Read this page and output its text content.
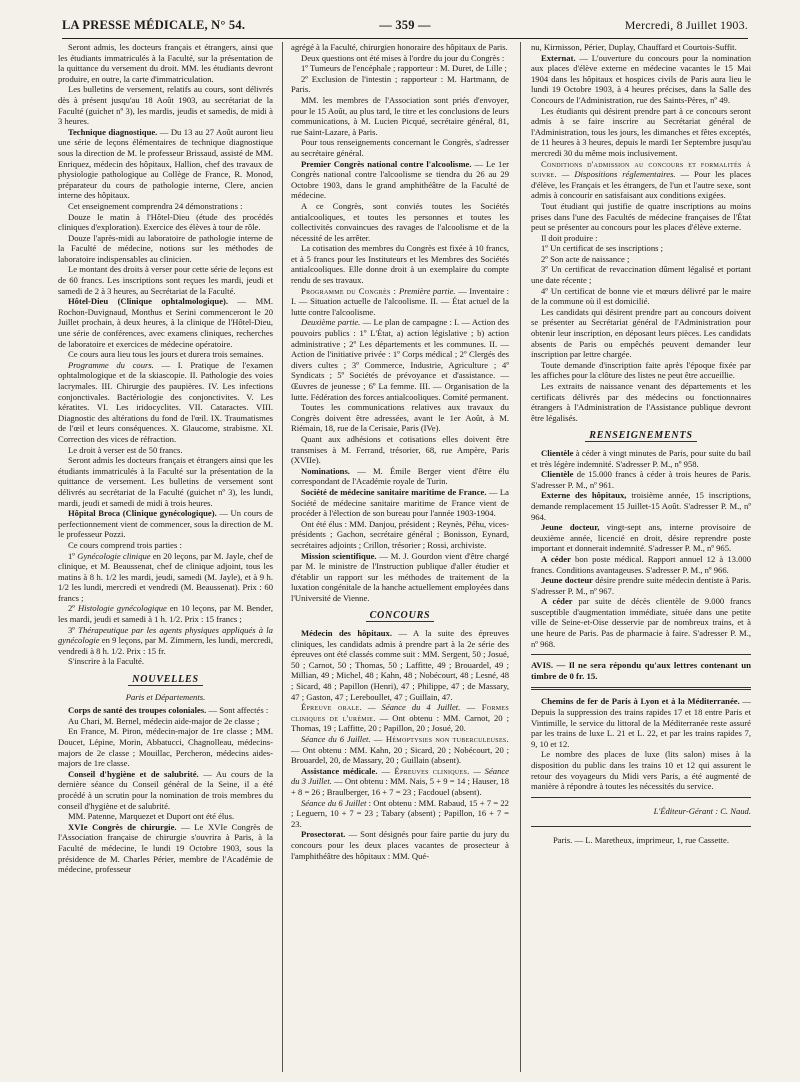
LA PRESSE MÉDICALE, N° 54.	— 359 —	Mercredi, 8 Juillet 1903.

Seront admis, les docteurs français et étrangers, ainsi que les étudiants immatriculés à la Faculté, sur la présentation de la quittance du versement du droit. MM. les étudiants devront produire, en outre, la carte d'immatriculation.

Les bulletins de versement, relatifs au cours, sont délivrés dès à présent jusqu'au 18 Août 1903, au secrétariat de la Faculté (guichet nº 3), les mardis, jeudis et samedis, de midi à 3 heures.

Technique diagnostique. — Du 13 au 27 Août auront lieu une série de leçons élémentaires de technique diagnostique sous la direction de M. le professeur Brissaud, assisté de MM. Enriquez, médecin des hôpitaux, Hallion, chef des travaux de physiologie pathologique au Collège de France, R. Monod, préparateur du cours de pathologie interne, Clere, ancien interne des hôpitaux.

Cet enseignement comprendra 24 démonstrations :

Douze le matin à l'Hôtel-Dieu (étude des procédés cliniques d'exploration). Exercice des élèves à tour de rôle.

Douze l'après-midi au laboratoire de pathologie interne de la Faculté de médecine, notions sur les méthodes de laboratoire indispensables au clinicien.

Le montant des droits à verser pour cette série de leçons est de 60 francs. Les inscriptions sont reçues les mardi, jeudi et samedi de 2 à 3 heures, au Secrétariat de la Faculté.

Hôtel-Dieu (Clinique ophtalmologique). — MM. Rochon-Duvignaud, Monthus et Serini commenceront le 20 Juillet prochain, à deux heures, à la clinique de l'Hôtel-Dieu, une série de conférences, avec examens cliniques, recherches de laboratoire et exercices de médecine opératoire.

Ce cours aura lieu tous les jours et durera trois semaines.

Programme du cours. — I. Pratique de l'examen ophtalmologique et de la skiascopie. II. Pathologie des voies lacrymales. III. Chirurgie des paupières. IV. Les infections conjonctivales. Bactériologie des conjonctivites. V. Les kératites. VI. Les iridocyclites. VII. Cataractes. VIII. Diagnostic des altérations du fond de l'œil. IX. Traumatismes de l'œil et leurs conséquences. X. Glaucome, strabisme. XI. Correction des vices de réfraction.

Le droit à verser est de 50 francs.

Seront admis les docteurs français et étrangers ainsi que les étudiants immatriculés à la Faculté sur la présentation de la quittance de versement. Les bulletins de versement sont délivrés au secrétariat de la Faculté (guichet nº 3), les lundi, mardi, jeudi et samedi de midi à trois heures.

Hôpital Broca (Clinique gynécologique). — Un cours de perfectionnement vient de commencer, sous la direction de M. le professeur Pozzi.

Ce cours comprend trois parties :

1º Gynécologie clinique en 20 leçons, par M. Jayle, chef de clinique, et M. Beaussenat, chef de clinique adjoint, tous les matins à 8 h. 1/2 les mardi, jeudi, samedi (M. Jayle), et à 9 h. 1/2 les lundi, mercredi et vendredi (M. Beaussenat). Prix : 60 francs ;

2º Histologie gynécologique en 10 leçons, par M. Bender, les mardi, jeudi et samedi à 1 h. 1/2. Prix : 15 francs ;

3º Thérapeutique par les agents physiques appliqués à la gynécologie en 9 leçons, par M. Zimmern, les lundi, mercredi, vendredi à 8 h. 1/2. Prix : 15 fr.

S'inscrire à la Faculté.

NOUVELLES

Paris et Départements.

Corps de santé des troupes coloniales. — Sont affectés :

Au Chari, M. Bernel, médecin aide-major de 2e classe ;

En France, M. Piron, médecin-major de 1re classe ; MM. Doucet, Lépine, Morin, Abbatucci, Chagnolleau, médecins-majors de 2e classe ; Mouillac, Percheron, médecins aides-majors de 1re classe.

Conseil d'hygiène et de salubrité. — Au cours de la dernière séance du Conseil général de la Seine, il a été procédé à un scrutin pour la nomination de trois membres du conseil d'hygiène et de salubrité.

MM. Patenne, Marquezet et Duport ont été élus.

XVIe Congrès de chirurgie. — Le XVIe Congrès de l'Association française de chirurgie s'ouvrira à Paris, à la Faculté de médecine, le lundi 19 Octobre 1903, sous la présidence de M. Charles Périer, membre de l'Académie de médecine, professeur

agrégé à la Faculté, chirurgien honoraire des hôpitaux de Paris.

Deux questions ont été mises à l'ordre du jour du Congrès :

1º Tumeurs de l'encéphale ; rapporteur : M. Duret, de Lille ;

2º Exclusion de l'intestin ; rapporteur : M. Hartmann, de Paris.

MM. les membres de l'Association sont priés d'envoyer, pour le 15 Août, au plus tard, le titre et les conclusions de leurs communications, à M. Lucien Picqué, secrétaire général, 81, rue Saint-Lazare, à Paris.

Pour tous renseignements concernant le Congrès, s'adresser au secrétaire général.

Premier Congrès national contre l'alcoolisme. — Le 1er Congrès national contre l'alcoolisme se tiendra du 26 au 29 Octobre 1903, dans le grand amphithéâtre de la Faculté de médecine.

A ce Congrès, sont conviés toutes les Sociétés antialcooliques, et toutes les personnes et toutes les collectivités convaincues des ravages de l'alcoolisme et de la nécessité de les arrêter.

La cotisation des membres du Congrès est fixée à 10 francs, et à 5 francs pour les Instituteurs et les Membres des Sociétés antialcooliques. Elle donne droit à un exemplaire du compte rendu de ses travaux.

Programme du Congrès : Première partie. — Inventaire : I. — Situation actuelle de l'alcoolisme. II. — État actuel de la lutte contre l'alcoolisme.

Deuxième partie. — Le plan de campagne : I. — Action des pouvoirs publics : 1º L'État, a) action législative ; b) action administrative ; 2º Les départements et les communes. II. — Action de l'initiative privée : 1º Corps médical ; 2º Clergés des divers cultes ; 3º Commerce, Industrie, Agriculture ; 4º Syndicats ; 5º Sociétés de prévoyance et d'assistance. — Œuvres de jeunesse ; 6º La femme. III. — Organisation de la lutte. Fédération des forces antialcooliques. Comité permanent.

Toutes les communications relatives aux travaux du Congrès doivent être adressées, avant le 1er Août, à M. Riémain, 18, rue de la Cerisaie, Paris (IVe).

Quant aux adhésions et cotisations elles doivent être transmises à M. Ferrand, trésorier, 68, rue Ampère, Paris (XVIIe).

Nominations. — M. Émile Berger vient d'être élu correspondant de l'Académie royale de Turin.

Société de médecine sanitaire maritime de France. — La Société de médecine sanitaire maritime de France vient de procéder à l'élection de son bureau pour l'année 1903-1904.

Ont été élus : MM. Danjou, président ; Reynès, Péhu, vices-présidents ; Gachon, secrétaire général ; Bonisson, Eynard, secrétaires adjoints ; Crillon, trésorier ; Rossi, archiviste.

Mission scientifique. — M. J. Gourdon vient d'être chargé par M. le ministre de l'Instruction publique d'aller étudier et d'établir un rapport sur les méthodes de traitement de la luxation congénitale de la hanche actuellement employées dans l'Université de Vienne.

CONCOURS

Médecin des hôpitaux. — A la suite des épreuves cliniques, les candidats admis à prendre part à la 2e série des épreuves ont été classés comme suit : MM. Sergent, 50 ; Josué, 50 ; Carnot, 50 ; Thomas, 50 ; Laffitte, 49 ; Brouardel, 49 ; Millian, 49 ; Michel, 48 ; Kahn, 48 ; Nobécourt, 48 ; Lesné, 48 ; Sicard, 48 ; Papillon (Henri), 47 ; Philippe, 47 ; de Massary, 47 ; Gaston, 47 ; Lereboullet, 47 ; Guillain, 47.

Épreuve orale. — Séance du 4 Juillet. — Formes cliniques de l'urémie. — Ont obtenu : MM. Carnot, 20 ; Thomas, 19 ; Laffitte, 20 ; Papillon, 20 ; Josué, 20.

Séance du 6 Juillet. — Hémoptysies non tuberculeuses. — Ont obtenu : MM. Kahn, 20 ; Sicard, 20 ; Nobécourt, 20 ; Brouardel, 20, de Massary, 20 ; Guillain (absent).

Assistance médicale. — Épreuves cliniques. — Séance du 3 Juillet. — Ont obtenu : MM. Nais, 5 + 9 = 14 ; Hauser, 18 + 8 = 26 ; Braulberger, 16 + 7 = 23 ; Facdouel (absent).

Séance du 6 Juillet : Ont obtenu : MM. Rabaud, 15 + 7 = 22 ; Leguern, 10 + 7 = 23 ; Tabary (absent) ; Papillon, 16 + 7 = 23.

Prosectorat. — Sont désignés pour faire partie du jury du concours pour les deux places vacantes de prosecteur à l'amphithéâtre des hôpitaux : MM. Qué-

nu, Kirmisson, Périer, Duplay, Chauffard et Courtois-Suffit.

Externat. — L'ouverture du concours pour la nomination aux places d'élève externe en médecine vacantes le 15 Mai 1904 dans les hôpitaux et hospices civils de Paris aura lieu le lundi 19 Octobre 1903, à 4 heures précises, dans la Salle des Concours de l'Administration, rue des Saints-Pères, nº 49.

Les étudiants qui désirent prendre part à ce concours seront admis à se faire inscrire au Secrétariat général de l'Administration, tous les jours, les dimanches et fêtes exceptés, de 11 heures à 3 heures, depuis le mardi 1er Septembre jusqu'au mercredi 30 du même mois inclusivement.

Conditions d'admission au concours et formalités à suivre. — Dispositions réglementaires. — Pour les places d'élève, les Français et les étrangers, de l'un et l'autre sexe, sont admis à concourir en satisfaisant aux conditions exigées.

Tout étudiant qui justifie de quatre inscriptions au moins prises dans l'une des Facultés de médecine françaises de l'État peut se présenter au concours pour les places d'élève externe.

Il doit produire :

1º Un certificat de ses inscriptions ;

2º Son acte de naissance ;

3º Un certificat de revaccination dûment légalisé et portant une date récente ;

4º Un certificat de bonne vie et mœurs délivré par le maire de la commune où il est domicilié.

Les candidats qui désirent prendre part au concours doivent se présenter au Secrétariat général de l'Administration pour obtenir leur inscription, en déposant leurs pièces. Les candidats absents de Paris ou empêchés peuvent demander leur inscription par lettre chargée.

Toute demande d'inscription faite après l'époque fixée par les affiches pour la clôture des listes ne peut être accueillie.

Les extraits de naissance venant des départements et les certificats délivrés par des médecins ou fonctionnaires étrangers à l'Administration de l'Assistance publique devront être légalisés.

RENSEIGNEMENTS

Clientèle à céder à vingt minutes de Paris, pour suite du bail et très légère indemnité. S'adresser P. M., nº 958.

Clientèle de 15.000 francs à céder à trois heures de Paris. S'adresser P. M., nº 961.

Externe des hôpitaux, troisième année, 15 inscriptions, demande remplacement 15 Juillet-15 Août. S'adresser P. M., nº 964.

Jeune docteur, vingt-sept ans, interne provisoire de deuxième année, licencié en droit, désire reprendre poste important et donnerait indemnité. S'adresser P. M., nº 965.

A céder bon poste médical. Rapport annuel 12 à 13.000 francs. Conditions avantageuses. S'adresser P. M., nº 966.

Jeune docteur désire prendre suite médecin dentiste à Paris. S'adresser P. M., nº 967.

A céder par suite de décès clientèle de 9.000 francs susceptible d'augmentation immédiate, située dans une petite ville de Seine-et-Oise desservie par de nombreux trains, et à une heure de Paris. Pas de pharmacie à faire. S'adresser P. M., nº 968.

AVIS. — Il ne sera répondu qu'aux lettres contenant un timbre de 0 fr. 15.

Chemins de fer de Paris à Lyon et à la Méditerranée. — Depuis la suppression des trains rapides 17 et 18 entre Paris et Vintimille, le service du littoral de la Méditerranée reste assuré par les trains de luxe L. 21 et L. 22, et par les trains rapides 7, 9, 10 et 12.

Le nombre des places de luxe (lits salon) mises à la disposition du public dans les trains 10 et 12 qui assurent le retour des voyageurs du Midi vers Paris, a été augmenté de manière à répondre à toutes les nécessités du service.

L'Éditeur-Gérant : C. Naud.

Paris. — L. Maretheux, imprimeur, 1, rue Cassette.
